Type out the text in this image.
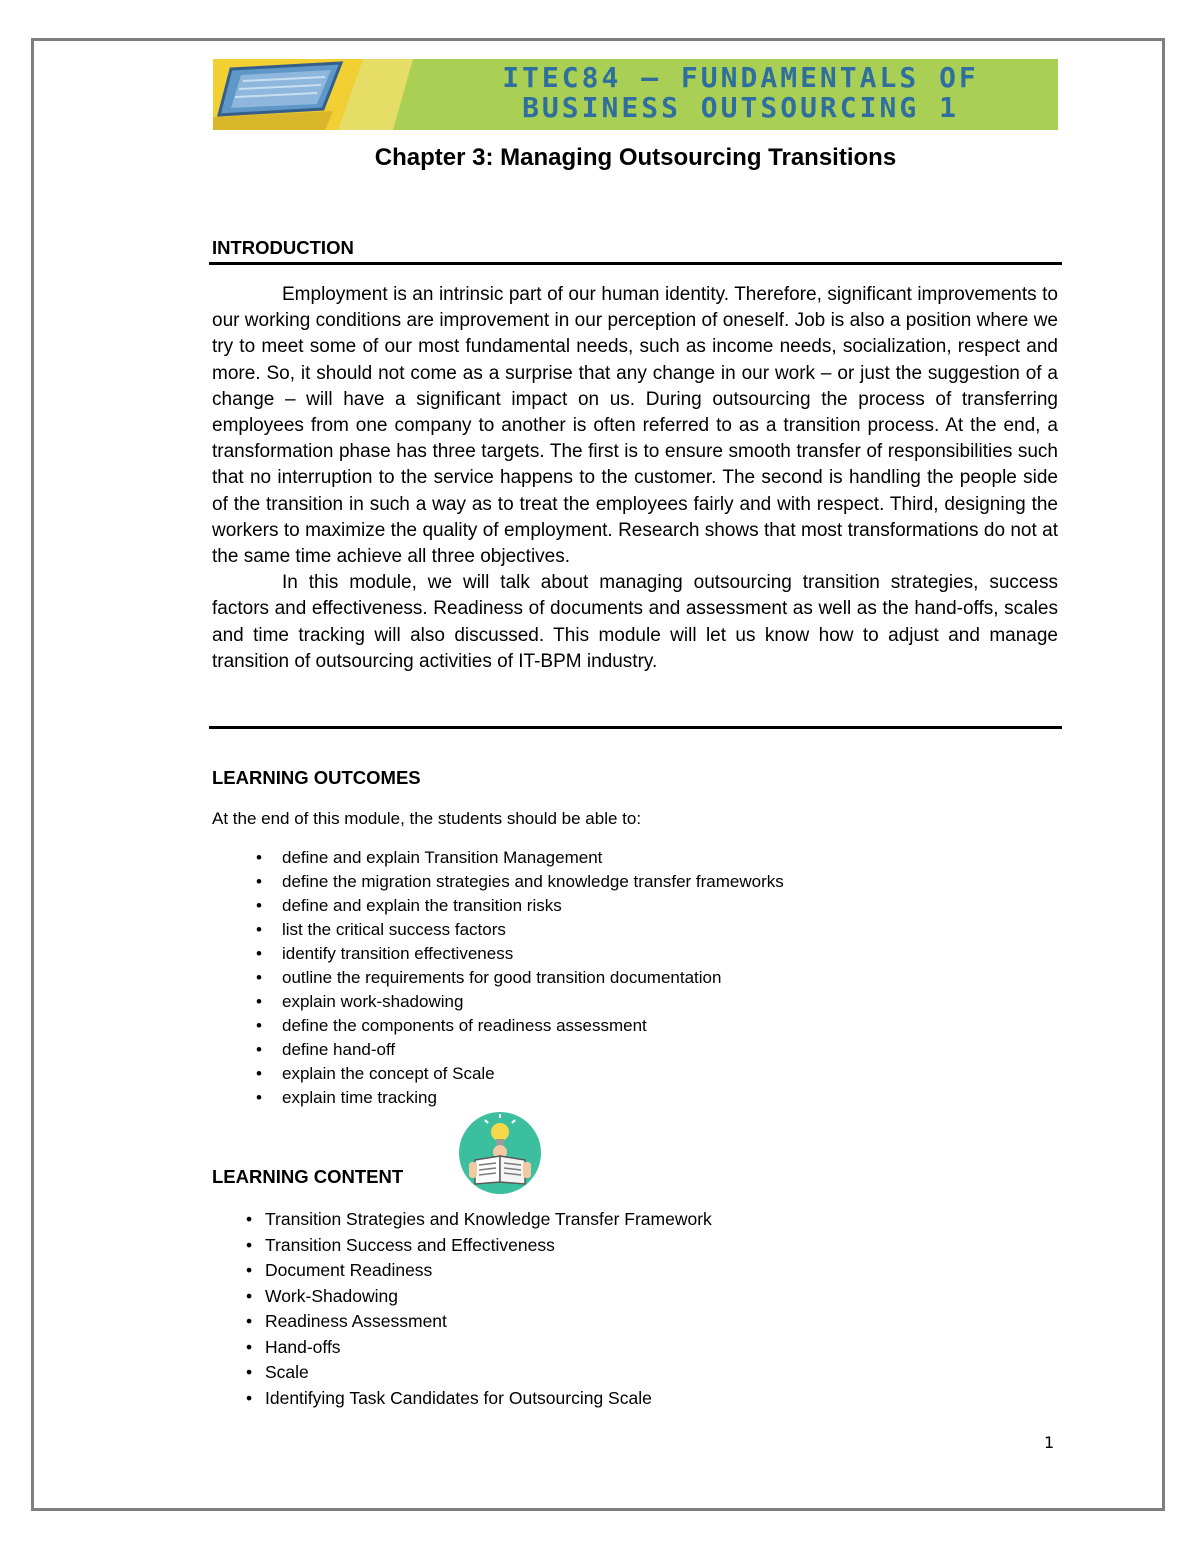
ITEC84 – FUNDAMENTALS OF
BUSINESS OUTSOURCING 1
Chapter 3: Managing Outsourcing Transitions
INTRODUCTION

Employment is an intrinsic part of our human identity. Therefore, significant improvements to our working conditions are improvement in our perception of oneself. Job is also a position where we try to meet some of our most fundamental needs, such as income needs, socialization, respect and more. So, it should not come as a surprise that any change in our work – or just the suggestion of a change – will have a significant impact on us. During outsourcing the process of transferring employees from one company to another is often referred to as a transition process. At the end, a transformation phase has three targets. The first is to ensure smooth transfer of responsibilities such that no interruption to the service happens to the customer. The second is handling the people side of the transition in such a way as to treat the employees fairly and with respect. Third, designing the workers to maximize the quality of employment. Research shows that most transformations do not at the same time achieve all three objectives.

In this module, we will talk about managing outsourcing transition strategies, success factors and effectiveness. Readiness of documents and assessment as well as the hand-offs, scales and time tracking will also discussed. This module will let us know how to adjust and manage transition of outsourcing activities of IT-BPM industry.

LEARNING OUTCOMES
At the end of this module, the students should be able to:
• define and explain Transition Management
• define the migration strategies and knowledge transfer frameworks
• define and explain the transition risks
• list the critical success factors
• identify transition effectiveness
• outline the requirements for good transition documentation
• explain work-shadowing
• define the components of readiness assessment
• define hand-off
• explain the concept of Scale
• explain time tracking
LEARNING CONTENT
• Transition Strategies and Knowledge Transfer Framework
• Transition Success and Effectiveness
• Document Readiness
• Work-Shadowing
• Readiness Assessment
• Hand-offs
• Scale
• Identifying Task Candidates for Outsourcing Scale
1
